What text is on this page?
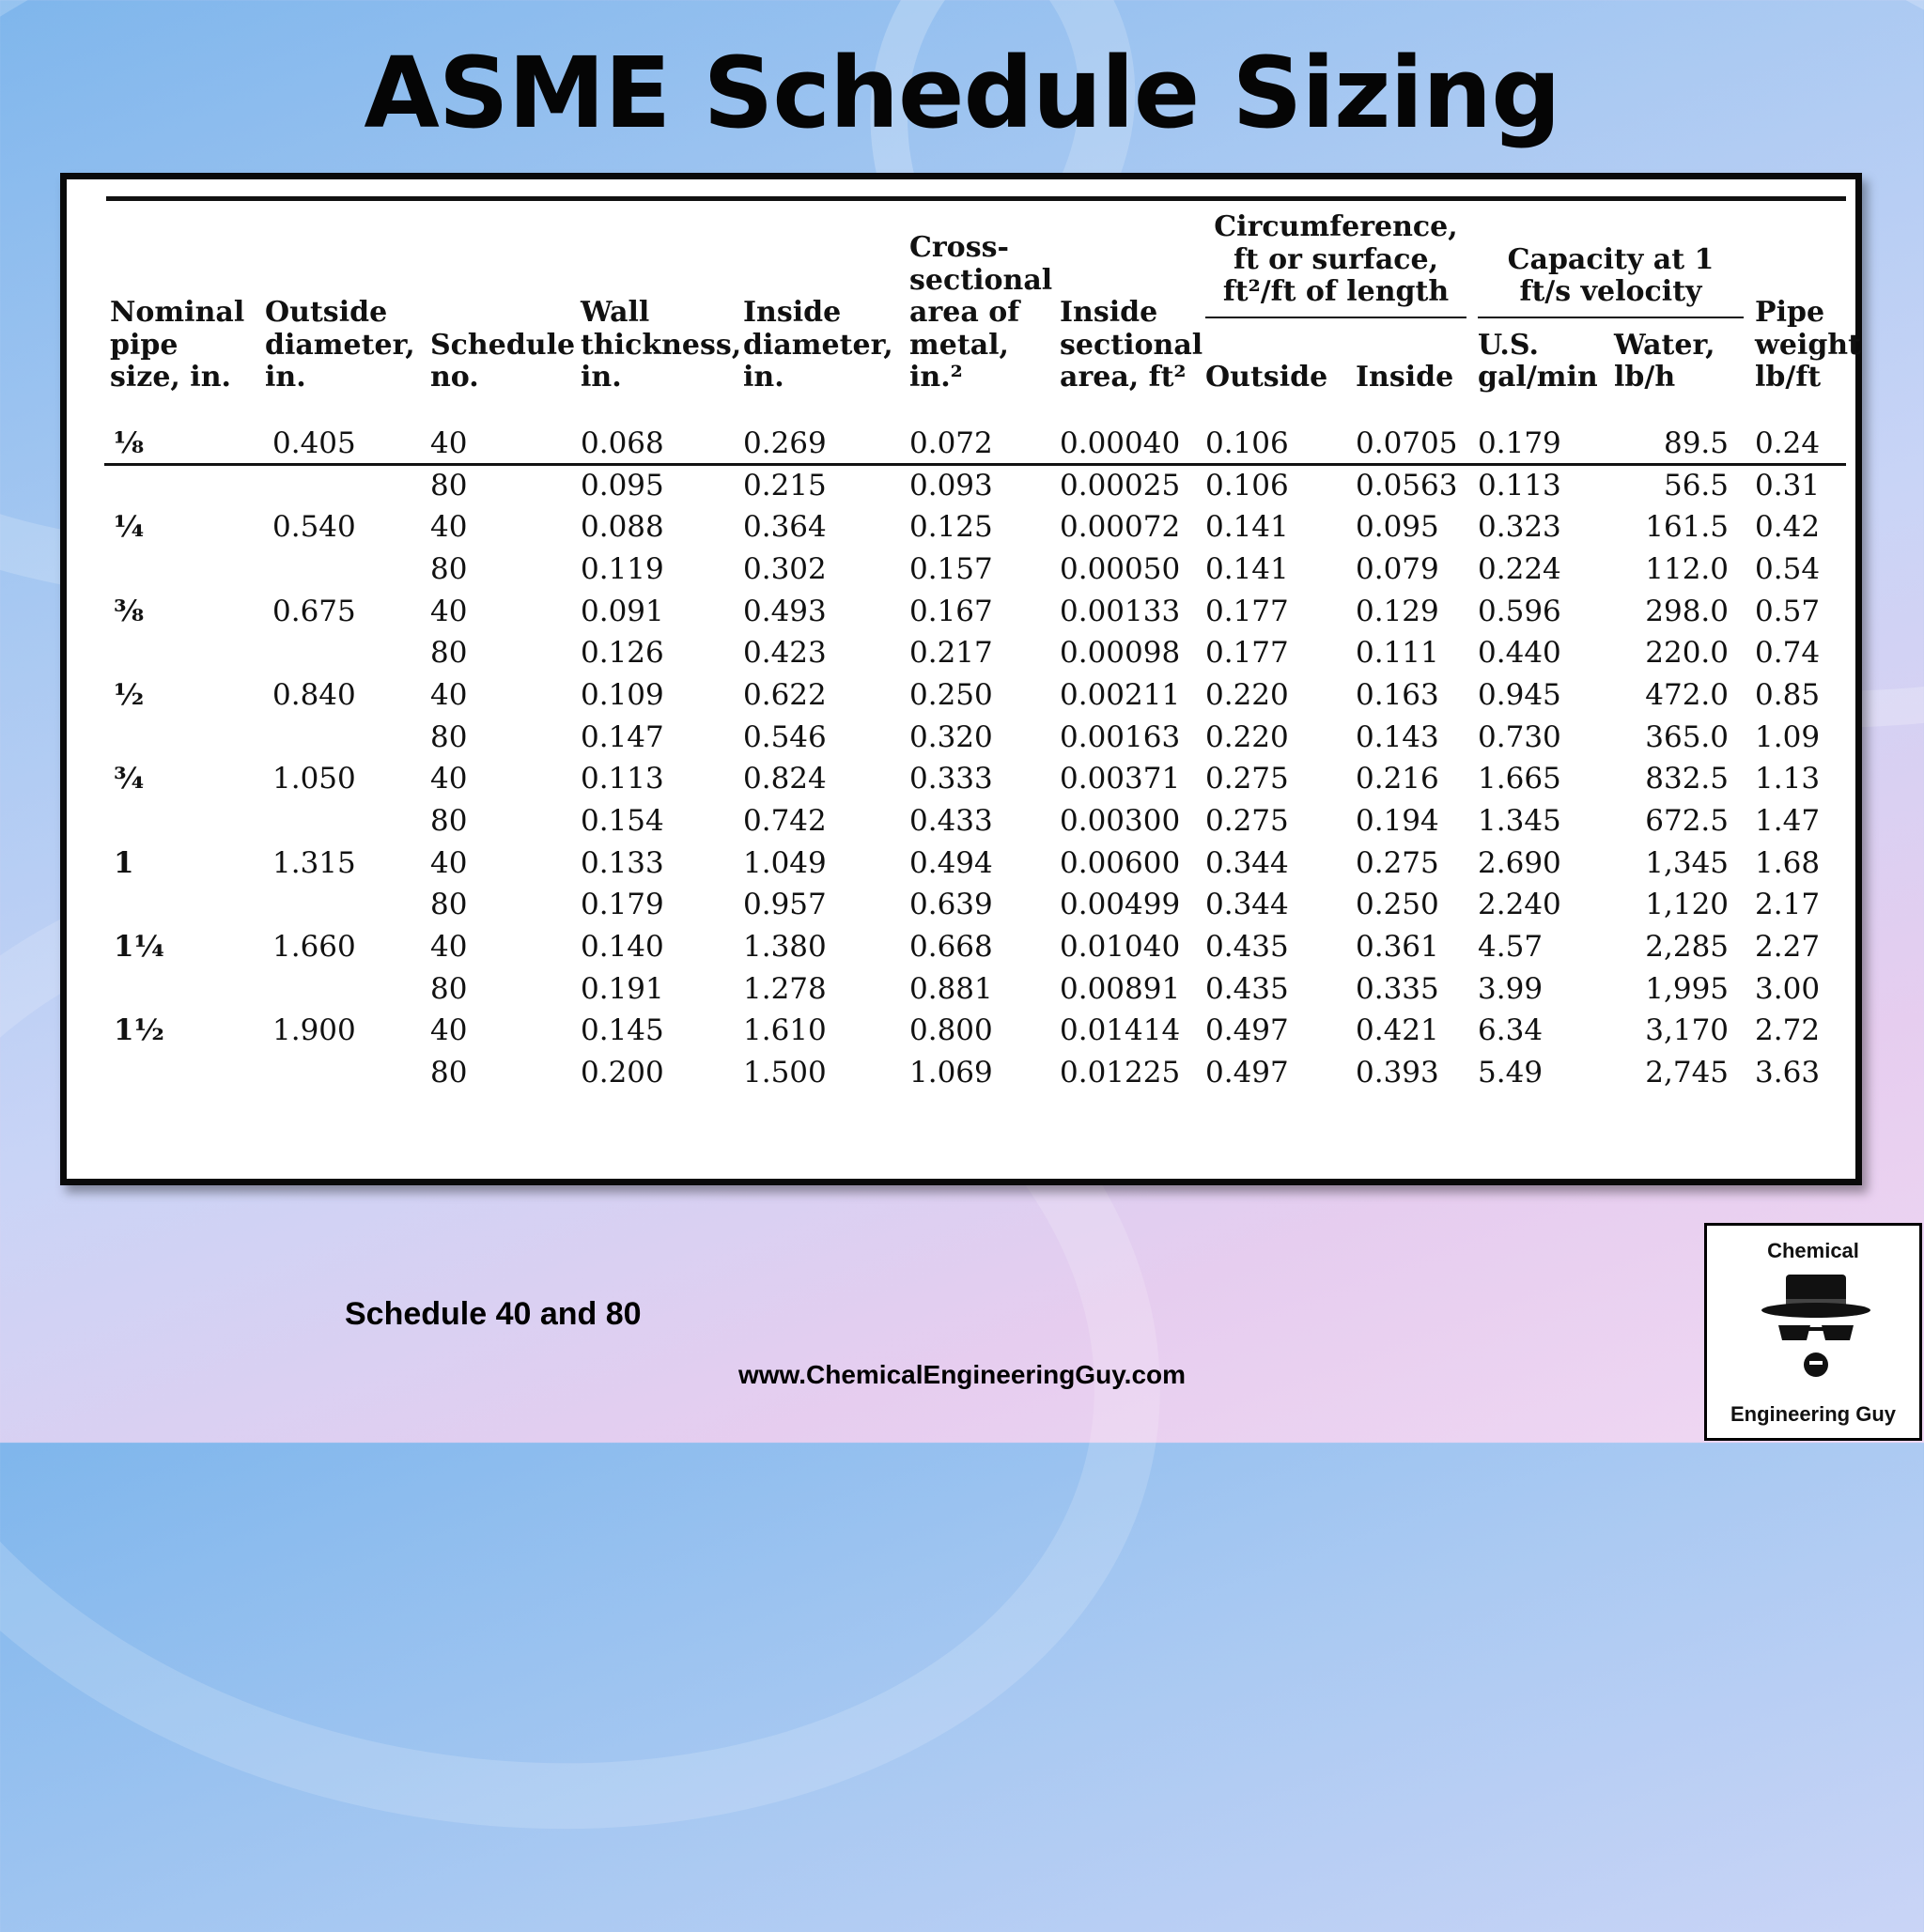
ASME Schedule Sizing
Nominal pipe size, in.	Outside diameter, in.	Schedule no.	Wall thickness, in.	Inside diameter, in.	Cross-sectional area of metal, in.²	Inside sectional area, ft²	Circumference, ft or surface, ft²/ft of length		Capacity at 1 ft/s velocity		Pipe weight lb/ft
							Outside	Inside	U.S. gal/min	Water, lb/h	
⅛	0.405	40	0.068	0.269	0.072	0.00040	0.106	0.0705	0.179	89.5	0.24
		80	0.095	0.215	0.093	0.00025	0.106	0.0563	0.113	56.5	0.31
¼	0.540	40	0.088	0.364	0.125	0.00072	0.141	0.095	0.323	161.5	0.42
		80	0.119	0.302	0.157	0.00050	0.141	0.079	0.224	112.0	0.54
⅜	0.675	40	0.091	0.493	0.167	0.00133	0.177	0.129	0.596	298.0	0.57
		80	0.126	0.423	0.217	0.00098	0.177	0.111	0.440	220.0	0.74
½	0.840	40	0.109	0.622	0.250	0.00211	0.220	0.163	0.945	472.0	0.85
		80	0.147	0.546	0.320	0.00163	0.220	0.143	0.730	365.0	1.09
¾	1.050	40	0.113	0.824	0.333	0.00371	0.275	0.216	1.665	832.5	1.13
		80	0.154	0.742	0.433	0.00300	0.275	0.194	1.345	672.5	1.47
1	1.315	40	0.133	1.049	0.494	0.00600	0.344	0.275	2.690	1,345	1.68
		80	0.179	0.957	0.639	0.00499	0.344	0.250	2.240	1,120	2.17
1¼	1.660	40	0.140	1.380	0.668	0.01040	0.435	0.361	4.57	2,285	2.27
		80	0.191	1.278	0.881	0.00891	0.435	0.335	3.99	1,995	3.00
1½	1.900	40	0.145	1.610	0.800	0.01414	0.497	0.421	6.34	3,170	2.72
		80	0.200	1.500	1.069	0.01225	0.497	0.393	5.49	2,745	3.63
Schedule 40 and 80
www.ChemicalEngineeringGuy.com
Chemical
Engineering Guy
